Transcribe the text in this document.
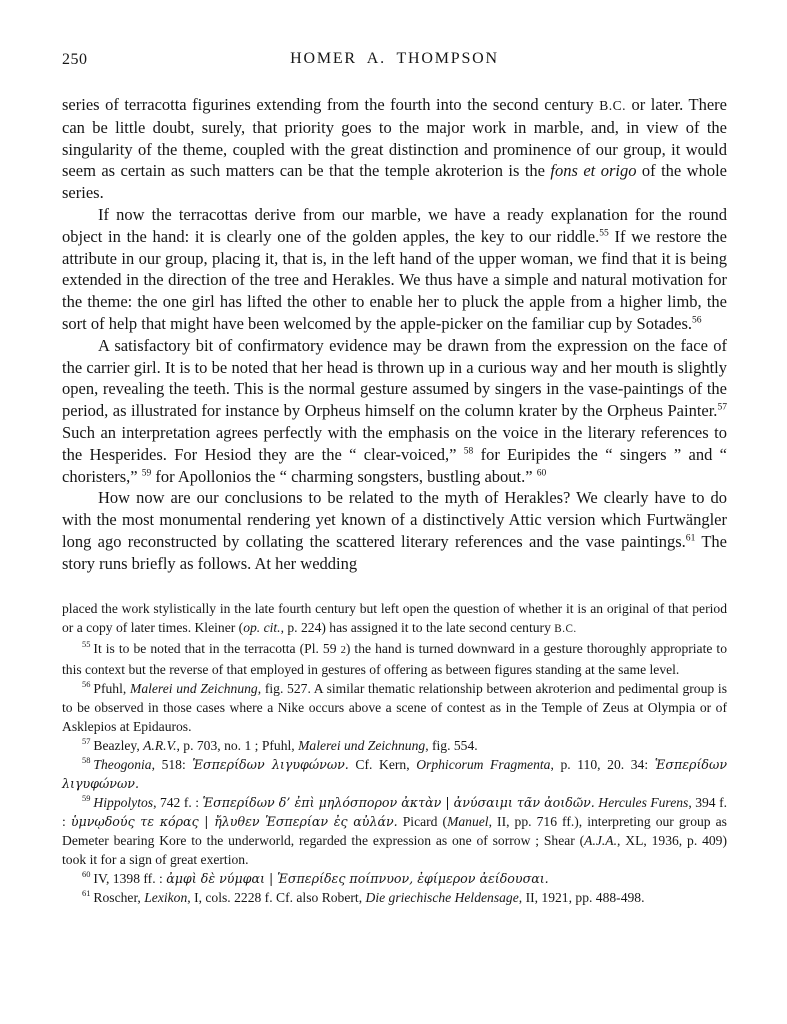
250	HOMER A. THOMPSON

series of terracotta figurines extending from the fourth into the second century B.C. or later. There can be little doubt, surely, that priority goes to the major work in marble, and, in view of the singularity of the theme, coupled with the great distinction and prominence of our group, it would seem as certain as such matters can be that the temple akroterion is the fons et origo of the whole series.

If now the terracottas derive from our marble, we have a ready explanation for the round object in the hand: it is clearly one of the golden apples, the key to our riddle.$^{55}$ If we restore the attribute in our group, placing it, that is, in the left hand of the upper woman, we find that it is being extended in the direction of the tree and Herakles. We thus have a simple and natural motivation for the theme: the one girl has lifted the other to enable her to pluck the apple from a higher limb, the sort of help that might have been welcomed by the apple-picker on the familiar cup by Sotades.$^{56}$

A satisfactory bit of confirmatory evidence may be drawn from the expression on the face of the carrier girl. It is to be noted that her head is thrown up in a curious way and her mouth is slightly open, revealing the teeth. This is the normal gesture assumed by singers in the vase-paintings of the period, as illustrated for instance by Orpheus himself on the column krater by the Orpheus Painter.$^{57}$ Such an interpretation agrees perfectly with the emphasis on the voice in the literary references to the Hesperides. For Hesiod they are the “ clear-voiced,” $^{58}$ for Euripides the “ singers ” and “ choristers,” $^{59}$ for Apollonios the “ charming songsters, bustling about.” $^{60}$

How now are our conclusions to be related to the myth of Herakles? We clearly have to do with the most monumental rendering yet known of a distinctively Attic version which Furtwängler long ago reconstructed by collating the scattered literary references and the vase paintings.$^{61}$ The story runs briefly as follows. At her wedding

placed the work stylistically in the late fourth century but left open the question of whether it is an original of that period or a copy of later times. Kleiner (op. cit., p. 224) has assigned it to the late second century B.C.

$^{55}$ It is to be noted that in the terracotta (Pl. 59 2) the hand is turned downward in a gesture thoroughly appropriate to this context but the reverse of that employed in gestures of offering as between figures standing at the same level.

$^{56}$ Pfuhl, Malerei und Zeichnung, fig. 527. A similar thematic relationship between akroterion and pedimental group is to be observed in those cases where a Nike occurs above a scene of contest as in the Temple of Zeus at Olympia or of Asklepios at Epidauros.

$^{57}$ Beazley, A.R.V., p. 703, no. 1 ; Pfuhl, Malerei und Zeichnung, fig. 554.

$^{58}$ Theogonia, 518: Ἑσπερίδων λιγυφώνων. Cf. Kern, Orphicorum Fragmenta, p. 110, 20. 34: Ἑσπερίδων λιγυφώνων.

$^{59}$ Hippolytos, 742 f. : Ἑσπερίδων δ’ ἐπὶ μηλόσπορον ἀκτὰν | ἀνύσαιμι τᾶν ἀοιδῶν. Hercules Furens, 394 f. : ὑμνῳδούς τε κόρας | ἤλυθεν Ἑσπερίαν ἐς αὐλάν. Picard (Manuel, II, pp. 716 ff.), interpreting our group as Demeter bearing Kore to the underworld, regarded the expression as one of sorrow ; Shear (A.J.A., XL, 1936, p. 409) took it for a sign of great exertion.

$^{60}$ IV, 1398 ff. : ἀμφὶ δὲ νύμφαι | Ἑσπερίδες ποίπνυον, ἐφίμερον ἀείδουσαι.

$^{61}$ Roscher, Lexikon, I, cols. 2228 f. Cf. also Robert, Die griechische Heldensage, II, 1921, pp. 488-498.
